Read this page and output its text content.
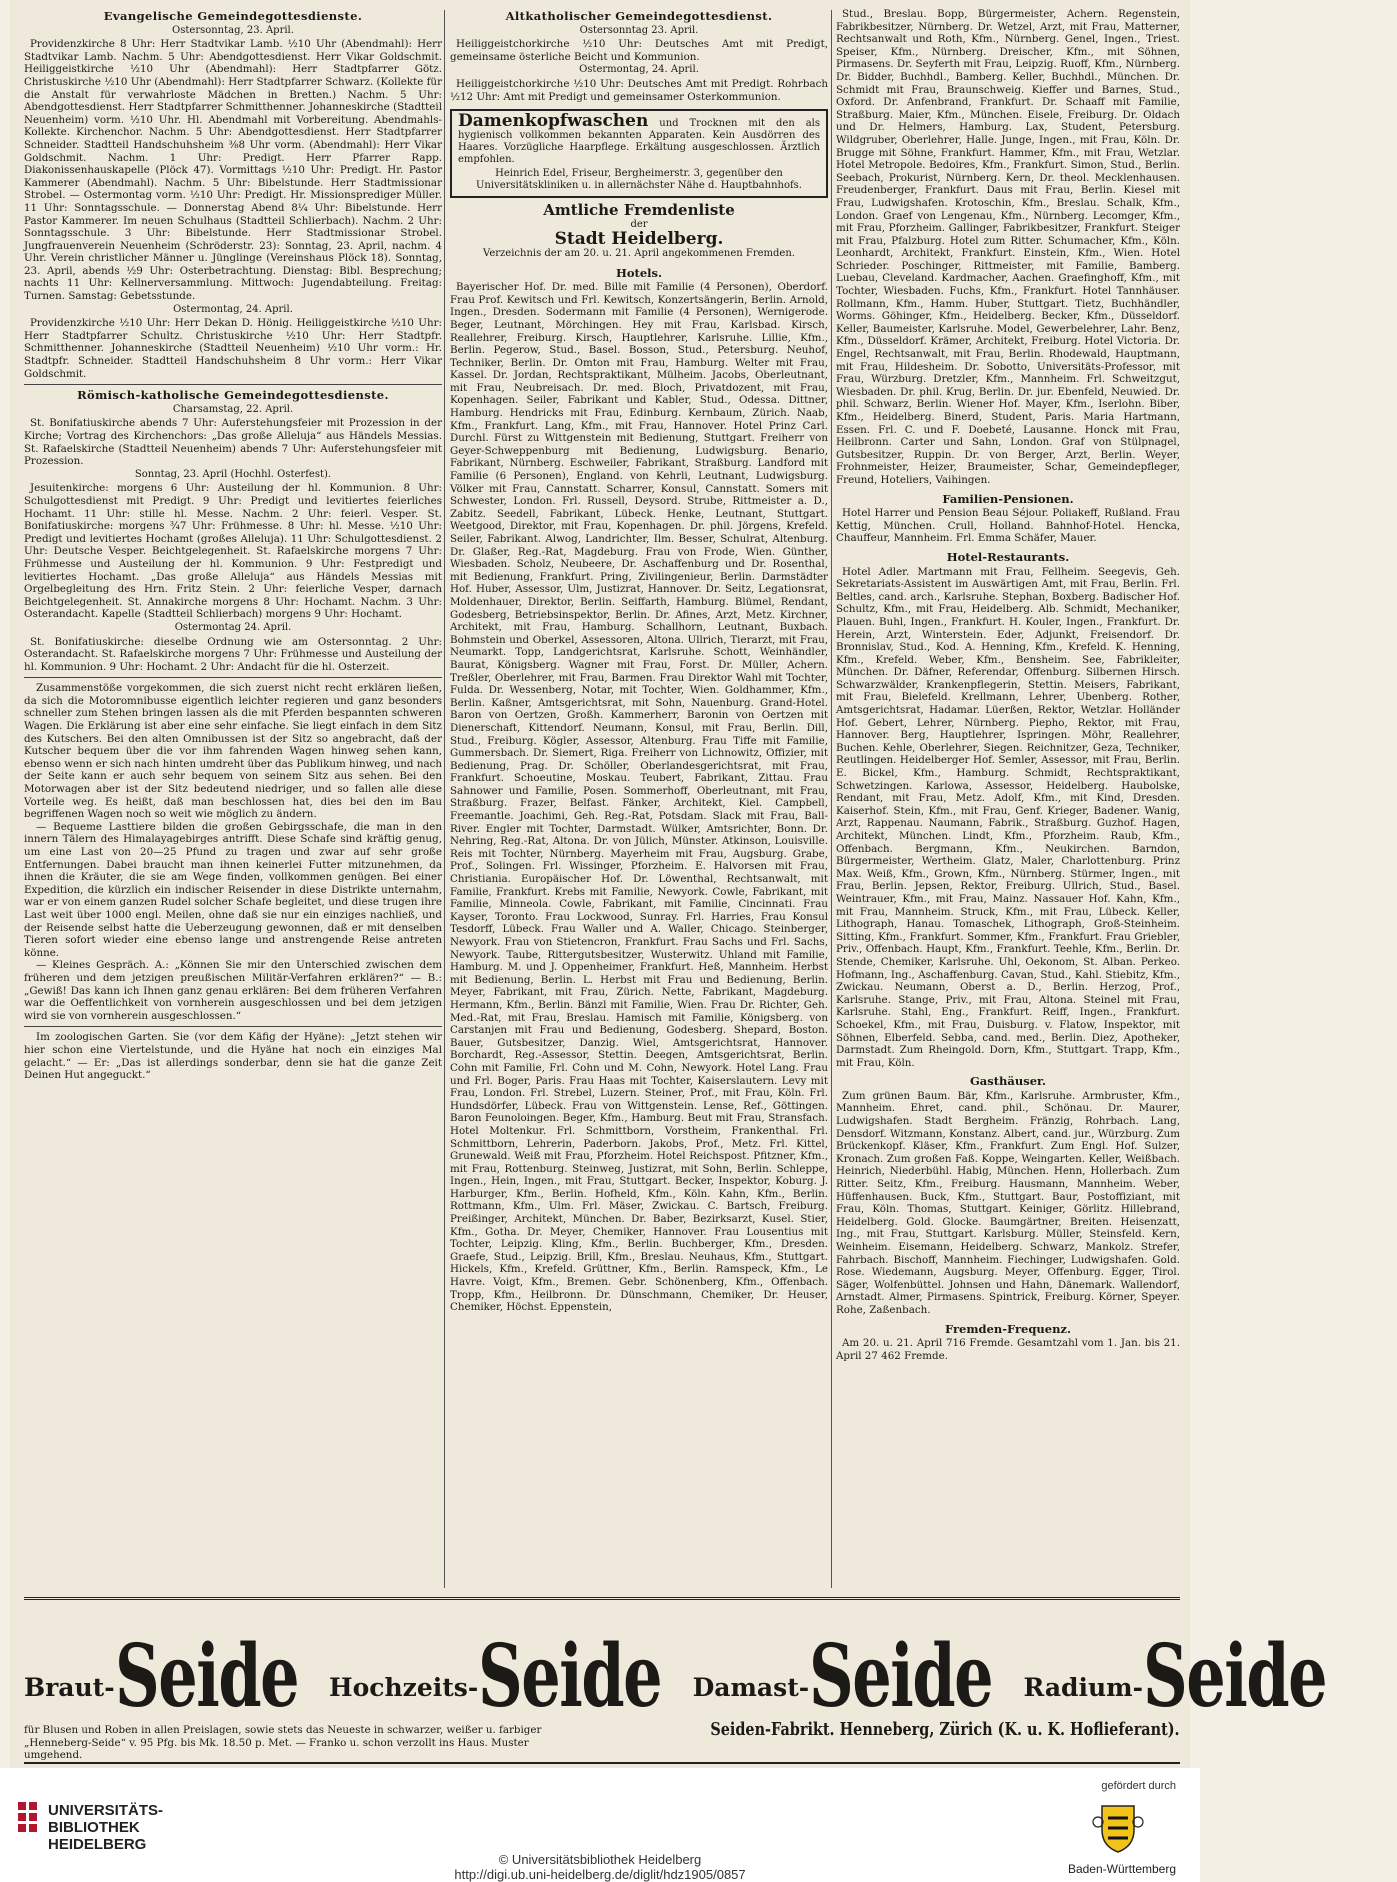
Evangelische Gemeindegottesdienste.
Ostersonntag, 23. April.

Providenzkirche 8 Uhr: Herr Stadtvikar Lamb. ½10 Uhr (Abendmahl): Herr Stadtvikar Lamb. Nachm. 5 Uhr: Abendgottesdienst. Herr Vikar Goldschmit. Heiliggeistkirche ½10 Uhr (Abendmahl): Herr Stadtpfarrer Götz. Christuskirche ½10 Uhr (Abendmahl): Herr Stadtpfarrer Schwarz. (Kollekte für die Anstalt für verwahrloste Mädchen in Bretten.) Nachm. 5 Uhr: Abendgottesdienst. Herr Stadtpfarrer Schmitthenner. Johanneskirche (Stadtteil Neuenheim) vorm. ½10 Uhr. Hl. Abendmahl mit Vorbereitung. Abendmahls-Kollekte. Kirchenchor. Nachm. 5 Uhr: Abendgottesdienst. Herr Stadtpfarrer Schneider. Stadtteil Handschuhsheim ⅜8 Uhr vorm. (Abendmahl): Herr Vikar Goldschmit. Nachm. 1 Uhr: Predigt. Herr Pfarrer Rapp. Diakonissenhauskapelle (Plöck 47). Vormittags ½10 Uhr: Predigt. Hr. Pastor Kammerer (Abendmahl). Nachm. 5 Uhr: Bibelstunde. Herr Stadtmissionar Strobel. — Ostermontag vorm. ½10 Uhr: Predigt. Hr. Missionsprediger Müller. 11 Uhr: Sonntagsschule. — Donnerstag Abend 8¼ Uhr: Bibelstunde. Herr Pastor Kammerer. Im neuen Schulhaus (Stadtteil Schlierbach). Nachm. 2 Uhr: Sonntagsschule. 3 Uhr: Bibelstunde. Herr Stadtmissionar Strobel. Jungfrauenverein Neuenheim (Schröderstr. 23): Sonntag, 23. April, nachm. 4 Uhr. Verein christlicher Männer u. Jünglinge (Vereinshaus Plöck 18). Sonntag, 23. April, abends ½9 Uhr: Osterbetrachtung. Dienstag: Bibl. Besprechung; nachts 11 Uhr: Kellnerversammlung. Mittwoch: Jugendabteilung. Freitag: Turnen. Samstag: Gebetsstunde.

Ostermontag, 24. April.

Providenzkirche ½10 Uhr: Herr Dekan D. Hönig. Heiliggeistkirche ½10 Uhr: Herr Stadtpfarrer Schultz. Christuskirche ½10 Uhr: Herr Stadtpfr. Schmitthenner. Johanneskirche (Stadtteil Neuenheim) ½10 Uhr vorm.: Hr. Stadtpfr. Schneider. Stadtteil Handschuhsheim 8 Uhr vorm.: Herr Vikar Goldschmit.

Römisch-katholische Gemeindegottesdienste.
Charsamstag, 22. April.

St. Bonifatiuskirche abends 7 Uhr: Auferstehungsfeier mit Prozession in der Kirche; Vortrag des Kirchenchors: „Das große Alleluja“ aus Händels Messias. St. Rafaelskirche (Stadtteil Neuenheim) abends 7 Uhr: Auferstehungsfeier mit Prozession.

Sonntag, 23. April (Hochhl. Osterfest).

Jesuitenkirche: morgens 6 Uhr: Austeilung der hl. Kommunion. 8 Uhr: Schulgottesdienst mit Predigt. 9 Uhr: Predigt und levitiertes feierliches Hochamt. 11 Uhr: stille hl. Messe. Nachm. 2 Uhr: feierl. Vesper. St. Bonifatiuskirche: morgens ¾7 Uhr: Frühmesse. 8 Uhr: hl. Messe. ½10 Uhr: Predigt und levitiertes Hochamt (großes Alleluja). 11 Uhr: Schulgottesdienst. 2 Uhr: Deutsche Vesper. Beichtgelegenheit. St. Rafaelskirche morgens 7 Uhr: Frühmesse und Austeilung der hl. Kommunion. 9 Uhr: Festpredigt und levitiertes Hochamt. „Das große Alleluja“ aus Händels Messias mit Orgelbegleitung des Hrn. Fritz Stein. 2 Uhr: feierliche Vesper, darnach Beichtgelegenheit. St. Annakirche morgens 8 Uhr: Hochamt. Nachm. 3 Uhr: Osterandacht. Kapelle (Stadtteil Schlierbach) morgens 9 Uhr: Hochamt.

Ostermontag 24. April.

St. Bonifatiuskirche: dieselbe Ordnung wie am Ostersonntag. 2 Uhr: Osterandacht. St. Rafaelskirche morgens 7 Uhr: Frühmesse und Austeilung der hl. Kommunion. 9 Uhr: Hochamt. 2 Uhr: Andacht für die hl. Osterzeit.

Zusammenstöße vorgekommen, die sich zuerst nicht recht erklären ließen, da sich die Motoromnibusse eigentlich leichter regieren und ganz besonders schneller zum Stehen bringen lassen als die mit Pferden bespannten schweren Wagen. Die Erklärung ist aber eine sehr einfache. Sie liegt einfach in dem Sitz des Kutschers. Bei den alten Omnibussen ist der Sitz so angebracht, daß der Kutscher bequem über die vor ihm fahrenden Wagen hinweg sehen kann, ebenso wenn er sich nach hinten umdreht über das Publikum hinweg, und nach der Seite kann er auch sehr bequem von seinem Sitz aus sehen. Bei den Motorwagen aber ist der Sitz bedeutend niedriger, und so fallen alle diese Vorteile weg. Es heißt, daß man beschlossen hat, dies bei den im Bau begriffenen Wagen noch so weit wie möglich zu ändern.

— Bequeme Lasttiere bilden die großen Gebirgsschafe, die man in den innern Tälern des Himalayagebirges antrifft. Diese Schafe sind kräftig genug, um eine Last von 20—25 Pfund zu tragen und zwar auf sehr große Entfernungen. Dabei braucht man ihnen keinerlei Futter mitzunehmen, da ihnen die Kräuter, die sie am Wege finden, vollkommen genügen. Bei einer Expedition, die kürzlich ein indischer Reisender in diese Distrikte unternahm, war er von einem ganzen Rudel solcher Schafe begleitet, und diese trugen ihre Last weit über 1000 engl. Meilen, ohne daß sie nur ein einziges nachließ, und der Reisende selbst hatte die Ueberzeugung gewonnen, daß er mit denselben Tieren sofort wieder eine ebenso lange und anstrengende Reise antreten könne.

— Kleines Gespräch. A.: „Können Sie mir den Unterschied zwischen dem früheren und dem jetzigen preußischen Militär-Verfahren erklären?“ — B.: „Gewiß! Das kann ich Ihnen ganz genau erklären: Bei dem früheren Verfahren war die Oeffentlichkeit von vornherein ausgeschlossen und bei dem jetzigen wird sie von vornherein ausgeschlossen.“

Im zoologischen Garten. Sie (vor dem Käfig der Hyäne): „Jetzt stehen wir hier schon eine Viertelstunde, und die Hyäne hat noch ein einziges Mal gelacht.“ — Er: „Das ist allerdings sonderbar, denn sie hat die ganze Zeit Deinen Hut angeguckt.“

Altkatholischer Gemeindegottesdienst.
Ostersonntag 23. April.

Heiliggeistchorkirche ½10 Uhr: Deutsches Amt mit Predigt, gemeinsame österliche Beicht und Kommunion.

Ostermontag, 24. April.

Heiliggeistchorkirche ½10 Uhr: Deutsches Amt mit Predigt. Rohrbach ½12 Uhr: Amt mit Predigt und gemeinsamer Osterkommunion.

Damenkopfwaschen und Trocknen mit den als hygienisch vollkommen bekannten Apparaten. Kein Ausdörren des Haares. Vorzügliche Haarpflege. Erkältung ausgeschlossen. Ärztlich empfohlen.
Heinrich Edel, Friseur, Bergheimerstr. 3, gegenüber den Universitätskliniken u. in allernächster Nähe d. Hauptbahnhofs.
Amtliche Fremdenliste
der
Stadt Heidelberg.
Verzeichnis der am 20. u. 21. April angekommenen Fremden.
Hotels.

Bayerischer Hof. Dr. med. Bille mit Familie (4 Personen), Oberdorf. Frau Prof. Kewitsch und Frl. Kewitsch, Konzertsängerin, Berlin. Arnold, Ingen., Dresden. Sodermann mit Familie (4 Personen), Wernigerode. Beger, Leutnant, Mörchingen. Hey mit Frau, Karlsbad. Kirsch, Reallehrer, Freiburg. Kirsch, Hauptlehrer, Karlsruhe. Lillie, Kfm., Berlin. Pegerow, Stud., Basel. Bosson, Stud., Petersburg. Neuhof, Techniker, Berlin. Dr. Omton mit Frau, Hamburg. Welter mit Frau, Kassel. Dr. Jordan, Rechtspraktikant, Mülheim. Jacobs, Oberleutnant, mit Frau, Neubreisach. Dr. med. Bloch, Privatdozent, mit Frau, Kopenhagen. Seiler, Fabrikant und Kabler, Stud., Odessa. Dittner, Hamburg. Hendricks mit Frau, Edinburg. Kernbaum, Zürich. Naab, Kfm., Frankfurt. Lang, Kfm., mit Frau, Hannover. Hotel Prinz Carl. Durchl. Fürst zu Wittgenstein mit Bedienung, Stuttgart. Freiherr von Geyer-Schweppenburg mit Bedienung, Ludwigsburg. Benario, Fabrikant, Nürnberg. Eschweiler, Fabrikant, Straßburg. Landford mit Familie (6 Personen), England. von Kehrli, Leutnant, Ludwigsburg. Völker mit Frau, Cannstatt. Scharrer, Konsul, Cannstatt. Somers mit Schwester, London. Frl. Russell, Deysord. Strube, Rittmeister a. D., Zabitz. Seedell, Fabrikant, Lübeck. Henke, Leutnant, Stuttgart. Weetgood, Direktor, mit Frau, Kopenhagen. Dr. phil. Jörgens, Krefeld. Seiler, Fabrikant. Alwog, Landrichter, Ilm. Besser, Schulrat, Altenburg. Dr. Glaßer, Reg.-Rat, Magdeburg. Frau von Frode, Wien. Günther, Wiesbaden. Scholz, Neubeere, Dr. Aschaffenburg und Dr. Rosenthal, mit Bedienung, Frankfurt. Pring, Zivilingenieur, Berlin. Darmstädter Hof. Huber, Assessor, Ulm, Justizrat, Hannover. Dr. Seitz, Legationsrat, Moldenhauer, Direktor, Berlin. Seiffarth, Hamburg. Blümel, Rendant, Godesberg, Betriebsinspektor, Berlin. Dr. Afines, Arzt, Metz. Kirchner, Architekt, mit Frau, Hamburg. Schallhorn, Leutnant, Buxbach. Bohmstein und Oberkel, Assessoren, Altona. Ullrich, Tierarzt, mit Frau, Neumarkt. Topp, Landgerichtsrat, Karlsruhe. Schott, Weinhändler, Baurat, Königsberg. Wagner mit Frau, Forst. Dr. Müller, Achern. Treßler, Oberlehrer, mit Frau, Barmen. Frau Direktor Wahl mit Tochter, Fulda. Dr. Wessenberg, Notar, mit Tochter, Wien. Goldhammer, Kfm., Berlin. Kaßner, Amtsgerichtsrat, mit Sohn, Nauenburg. Grand-Hotel. Baron von Oertzen, Großh. Kammerherr, Baronin von Oertzen mit Dienerschaft, Kittendorf. Neumann, Konsul, mit Frau, Berlin. Dill, Stud., Freiburg. Kögler, Assessor, Altenburg. Frau Tiffe mit Familie, Gummersbach. Dr. Siemert, Riga. Freiherr von Lichnowitz, Offizier, mit Bedienung, Prag. Dr. Schöller, Oberlandesgerichtsrat, mit Frau, Frankfurt. Schoeutine, Moskau. Teubert, Fabrikant, Zittau. Frau Sahnower und Familie, Posen. Sommerhoff, Oberleutnant, mit Frau, Straßburg. Frazer, Belfast. Fänker, Architekt, Kiel. Campbell, Freemantle. Joachimi, Geh. Reg.-Rat, Potsdam. Slack mit Frau, Ball-River. Engler mit Tochter, Darmstadt. Wülker, Amtsrichter, Bonn. Dr. Nehring, Reg.-Rat, Altona. Dr. von Jülich, Münster. Atkinson, Louisville. Reis mit Tochter, Nürnberg. Mayerheim mit Frau, Augsburg. Grabe, Prof., Solingen. Frl. Wissinger, Pforzheim. E. Halvorsen mit Frau, Christiania. Europäischer Hof. Dr. Löwenthal, Rechtsanwalt, mit Familie, Frankfurt. Krebs mit Familie, Newyork. Cowle, Fabrikant, mit Familie, Minneola. Cowle, Fabrikant, mit Familie, Cincinnati. Frau Kayser, Toronto. Frau Lockwood, Sunray. Frl. Harries, Frau Konsul Tesdorff, Lübeck. Frau Waller und A. Waller, Chicago. Steinberger, Newyork. Frau von Stietencron, Frankfurt. Frau Sachs und Frl. Sachs, Newyork. Taube, Rittergutsbesitzer, Wusterwitz. Uhland mit Familie, Hamburg. M. und J. Oppenheimer, Frankfurt. Heß, Mannheim. Herbst mit Bedienung, Berlin. L. Herbst mit Frau und Bedienung, Berlin. Meyer, Fabrikant, mit Frau, Zürich. Nette, Fabrikant, Magdeburg. Hermann, Kfm., Berlin. Bänzl mit Familie, Wien. Frau Dr. Richter, Geh. Med.-Rat, mit Frau, Breslau. Hamisch mit Familie, Königsberg. von Carstanjen mit Frau und Bedienung, Godesberg. Shepard, Boston. Bauer, Gutsbesitzer, Danzig. Wiel, Amtsgerichtsrat, Hannover. Borchardt, Reg.-Assessor, Stettin. Deegen, Amtsgerichtsrat, Berlin. Cohn mit Familie, Frl. Cohn und M. Cohn, Newyork. Hotel Lang. Frau und Frl. Boger, Paris. Frau Haas mit Tochter, Kaiserslautern. Levy mit Frau, London. Frl. Strebel, Luzern. Steiner, Prof., mit Frau, Köln. Frl. Hundsdörfer, Lübeck. Frau von Wittgenstein. Lense, Ref., Göttingen. Baron Feunoloingen. Beger, Kfm., Hamburg. Beut mit Frau, Stransfach. Hotel Moltenkur. Frl. Schmittborn, Vorstheim, Frankenthal. Frl. Schmittborn, Lehrerin, Paderborn. Jakobs, Prof., Metz. Frl. Kittel, Grunewald. Weiß mit Frau, Pforzheim. Hotel Reichspost. Pfitzner, Kfm., mit Frau, Rottenburg. Steinweg, Justizrat, mit Sohn, Berlin. Schleppe, Ingen., Hein, Ingen., mit Frau, Stuttgart. Becker, Inspektor, Koburg. J. Harburger, Kfm., Berlin. Hofheld, Kfm., Köln. Kahn, Kfm., Berlin. Rottmann, Kfm., Ulm. Frl. Mäser, Zwickau. C. Bartsch, Freiburg. Preißinger, Architekt, München. Dr. Baber, Bezirksarzt, Kusel. Stier, Kfm., Gotha. Dr. Meyer, Chemiker, Hannover. Frau Lousentius mit Tochter, Leipzig. Kling, Kfm., Berlin. Buchberger, Kfm., Dresden. Graefe, Stud., Leipzig. Brill, Kfm., Breslau. Neuhaus, Kfm., Stuttgart. Hickels, Kfm., Krefeld. Grüttner, Kfm., Berlin. Ramspeck, Kfm., Le Havre. Voigt, Kfm., Bremen. Gebr. Schönenberg, Kfm., Offenbach. Tropp, Kfm., Heilbronn. Dr. Dünschmann, Chemiker, Dr. Heuser, Chemiker, Höchst. Eppenstein,

Stud., Breslau. Bopp, Bürgermeister, Achern. Regenstein, Fabrikbesitzer, Nürnberg. Dr. Wetzel, Arzt, mit Frau, Matterner, Rechtsanwalt und Roth, Kfm., Nürnberg. Genel, Ingen., Triest. Speiser, Kfm., Nürnberg. Dreischer, Kfm., mit Söhnen, Pirmasens. Dr. Seyferth mit Frau, Leipzig. Ruoff, Kfm., Nürnberg. Dr. Bidder, Buchhdl., Bamberg. Keller, Buchhdl., München. Dr. Schmidt mit Frau, Braunschweig. Kieffer und Barnes, Stud., Oxford. Dr. Anfenbrand, Frankfurt. Dr. Schaaff mit Familie, Straßburg. Maier, Kfm., München. Eisele, Freiburg. Dr. Oldach und Dr. Helmers, Hamburg. Lax, Student, Petersburg. Wildgruber, Oberlehrer, Halle. Junge, Ingen., mit Frau, Köln. Dr. Brugge mit Söhne, Frankfurt. Hammer, Kfm., mit Frau, Wetzlar. Hotel Metropole. Bedoires, Kfm., Frankfurt. Simon, Stud., Berlin. Seebach, Prokurist, Nürnberg. Kern, Dr. theol. Mecklenhausen. Freudenberger, Frankfurt. Daus mit Frau, Berlin. Kiesel mit Frau, Ludwigshafen. Krotoschin, Kfm., Breslau. Schalk, Kfm., London. Graef von Lengenau, Kfm., Nürnberg. Lecomger, Kfm., mit Frau, Pforzheim. Gallinger, Fabrikbesitzer, Frankfurt. Steiger mit Frau, Pfalzburg. Hotel zum Ritter. Schumacher, Kfm., Köln. Leonhardt, Architekt, Frankfurt. Einstein, Kfm., Wien. Hotel Schrieder. Poschinger, Rittmeister, mit Familie, Bamberg. Luebau, Cleveland. Kardmacher, Aachen. Graefinghoff, Kfm., mit Tochter, Wiesbaden. Fuchs, Kfm., Frankfurt. Hotel Tannhäuser. Rollmann, Kfm., Hamm. Huber, Stuttgart. Tietz, Buchhändler, Worms. Göhinger, Kfm., Heidelberg. Becker, Kfm., Düsseldorf. Keller, Baumeister, Karlsruhe. Model, Gewerbelehrer, Lahr. Benz, Kfm., Düsseldorf. Krämer, Architekt, Freiburg. Hotel Victoria. Dr. Engel, Rechtsanwalt, mit Frau, Berlin. Rhodewald, Hauptmann, mit Frau, Hildesheim. Dr. Sobotto, Universitäts-Professor, mit Frau, Würzburg. Dretzler, Kfm., Mannheim. Frl. Schweitzgut, Wiesbaden. Dr. phil. Krug, Berlin. Dr. jur. Ebenfeld, Neuwied. Dr. phil. Schwarz, Berlin. Wiener Hof. Mayer, Kfm., Iserlohn. Biber, Kfm., Heidelberg. Binerd, Student, Paris. Maria Hartmann, Essen. Frl. C. und F. Doebeté, Lausanne. Honck mit Frau, Heilbronn. Carter und Sahn, London. Graf von Stülpnagel, Gutsbesitzer, Ruppin. Dr. von Berger, Arzt, Berlin. Weyer, Frohnmeister, Heizer, Braumeister, Schar, Gemeindepfleger, Freund, Hoteliers, Vaihingen.

Familien-Pensionen.

Hotel Harrer und Pension Beau Séjour. Poliakeff, Rußland. Frau Kettig, München. Crull, Holland. Bahnhof-Hotel. Hencka, Chauffeur, Mannheim. Frl. Emma Schäfer, Mauer.

Hotel-Restaurants.

Hotel Adler. Martmann mit Frau, Fellheim. Seegevis, Geh. Sekretariats-Assistent im Auswärtigen Amt, mit Frau, Berlin. Frl. Beltles, cand. arch., Karlsruhe. Stephan, Boxberg. Badischer Hof. Schultz, Kfm., mit Frau, Heidelberg. Alb. Schmidt, Mechaniker, Plauen. Buhl, Ingen., Frankfurt. H. Kouler, Ingen., Frankfurt. Dr. Herein, Arzt, Winterstein. Eder, Adjunkt, Freisendorf. Dr. Bronnislav, Stud., Kod. A. Henning, Kfm., Krefeld. K. Henning, Kfm., Krefeld. Weber, Kfm., Bensheim. See, Fabrikleiter, München. Dr. Däfner, Referendar, Offenburg. Silbernen Hirsch. Schwarzwälder, Krankenpflegerin, Stettin. Meisers, Fabrikant, mit Frau, Bielefeld. Krellmann, Lehrer, Ubenberg. Rother, Amtsgerichtsrat, Hadamar. Lüerßen, Rektor, Wetzlar. Holländer Hof. Gebert, Lehrer, Nürnberg. Piepho, Rektor, mit Frau, Hannover. Berg, Hauptlehrer, Ispringen. Möhr, Reallehrer, Buchen. Kehle, Oberlehrer, Siegen. Reichnitzer, Geza, Techniker, Reutlingen. Heidelberger Hof. Semler, Assessor, mit Frau, Berlin. E. Bickel, Kfm., Hamburg. Schmidt, Rechtspraktikant, Schwetzingen. Karlowa, Assessor, Heidelberg. Haubolske, Rendant, mit Frau, Metz. Adolf, Kfm., mit Kind, Dresden. Kaiserhof. Stein, Kfm., mit Frau, Genf. Krieger, Badener. Wanig, Arzt, Rappenau. Naumann, Fabrik., Straßburg. Guzhof. Hagen, Architekt, München. Lindt, Kfm., Pforzheim. Raub, Kfm., Offenbach. Bergmann, Kfm., Neukirchen. Barndon, Bürgermeister, Wertheim. Glatz, Maler, Charlottenburg. Prinz Max. Weiß, Kfm., Grown, Kfm., Nürnberg. Stürmer, Ingen., mit Frau, Berlin. Jepsen, Rektor, Freiburg. Ullrich, Stud., Basel. Weintrauer, Kfm., mit Frau, Mainz. Nassauer Hof. Kahn, Kfm., mit Frau, Mannheim. Struck, Kfm., mit Frau, Lübeck. Keller, Lithograph, Hanau. Tomaschek, Lithograph, Groß-Steinheim. Sitting, Kfm., Frankfurt. Sommer, Kfm., Frankfurt. Frau Griebler, Priv., Offenbach. Haupt, Kfm., Frankfurt. Teehle, Kfm., Berlin. Dr. Stende, Chemiker, Karlsruhe. Uhl, Oekonom, St. Alban. Perkeo. Hofmann, Ing., Aschaffenburg. Cavan, Stud., Kahl. Stiebitz, Kfm., Zwickau. Neumann, Oberst a. D., Berlin. Herzog, Prof., Karlsruhe. Stange, Priv., mit Frau, Altona. Steinel mit Frau, Karlsruhe. Stahl, Eng., Frankfurt. Reiff, Ingen., Frankfurt. Schoekel, Kfm., mit Frau, Duisburg. v. Flatow, Inspektor, mit Söhnen, Elberfeld. Sebba, cand. med., Berlin. Diez, Apotheker, Darmstadt. Zum Rheingold. Dorn, Kfm., Stuttgart. Trapp, Kfm., mit Frau, Köln.

Gasthäuser.

Zum grünen Baum. Bär, Kfm., Karlsruhe. Armbruster, Kfm., Mannheim. Ehret, cand. phil., Schönau. Dr. Maurer, Ludwigshafen. Stadt Bergheim. Fränzig, Rohrbach. Lang, Densdorf. Witzmann, Konstanz. Albert, cand. jur., Würzburg. Zum Brückenkopf. Kläser, Kfm., Frankfurt. Zum Engl. Hof. Sulzer, Kronach. Zum großen Faß. Koppe, Weingarten. Keller, Weißbach. Heinrich, Niederbühl. Habig, München. Henn, Hollerbach. Zum Ritter. Seitz, Kfm., Freiburg. Hausmann, Mannheim. Weber, Hüffenhausen. Buck, Kfm., Stuttgart. Baur, Postoffiziant, mit Frau, Köln. Thomas, Stuttgart. Keiniger, Görlitz. Hillebrand, Heidelberg. Gold. Glocke. Baumgärtner, Breiten. Heisenzatt, Ing., mit Frau, Stuttgart. Karlsburg. Müller, Steinsfeld. Kern, Weinheim. Eisemann, Heidelberg. Schwarz, Mankolz. Strefer, Fahrbach. Bischoff, Mannheim. Fiechinger, Ludwigshafen. Gold. Rose. Wiedemann, Augsburg. Meyer, Offenburg. Egger, Tirol. Säger, Wolfenbüttel. Johnsen und Hahn, Dänemark. Wallendorf, Arnstadt. Almer, Pirmasens. Spintrick, Freiburg. Körner, Speyer. Rohe, Zaßenbach.

Fremden-Frequenz.

Am 20. u. 21. April 716 Fremde. Gesamtzahl vom 1. Jan. bis 21. April 27 462 Fremde.

Braut- Seide Hochzeits- Seide Damast- Seide Radium- Seide
für Blusen und Roben in allen Preislagen, sowie stets das Neueste in schwarzer, weißer u. farbiger „Henneberg-Seide“ v. 95 Pfg. bis Mk. 18.50 p. Met. — Franko u. schon verzollt ins Haus. Muster umgehend.
Seiden-Fabrikt. Henneberg, Zürich (K. u. K. Hoflieferant).
UNIVERSITÄTS-
BIBLIOTHEK
HEIDELBERG
© Universitätsbibliothek Heidelberg
http://digi.ub.uni-heidelberg.de/diglit/hdz1905/0857
gefördert durch
Baden-Württemberg
